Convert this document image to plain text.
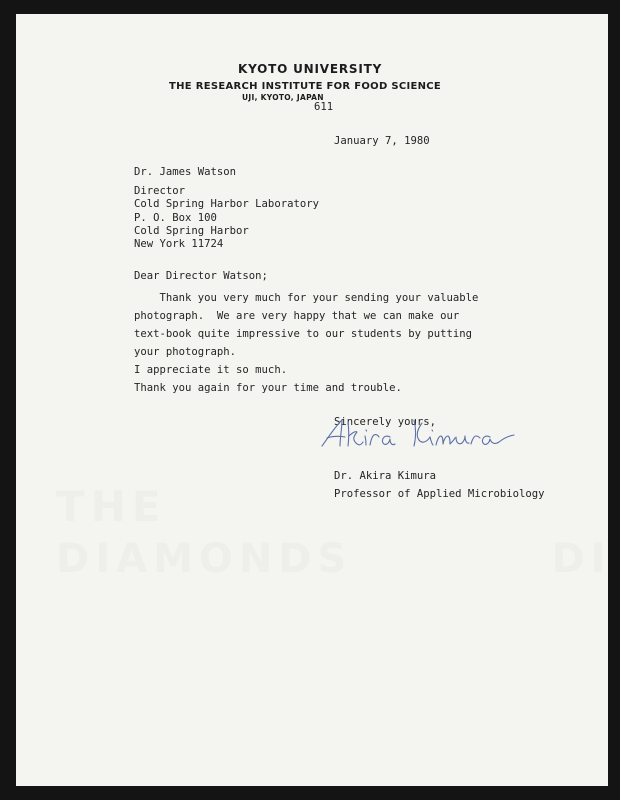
THE
DIAMONDS          DI
KYOTO UNIVERSITY
THE RESEARCH INSTITUTE FOR FOOD SCIENCE
UJI, KYOTO, JAPAN
611
January 7, 1980
Dr. James Watson
Director
Cold Spring Harbor Laboratory
P. O. Box 100
Cold Spring Harbor
New York 11724
Dear Director Watson;
Thank you very much for your sending your valuable
photograph.  We are very happy that we can make our
text-book quite impressive to our students by putting
your photograph.
I appreciate it so much.
Thank you again for your time and trouble.
Sincerely yours,
Dr. Akira Kimura
Professor of Applied Microbiology
